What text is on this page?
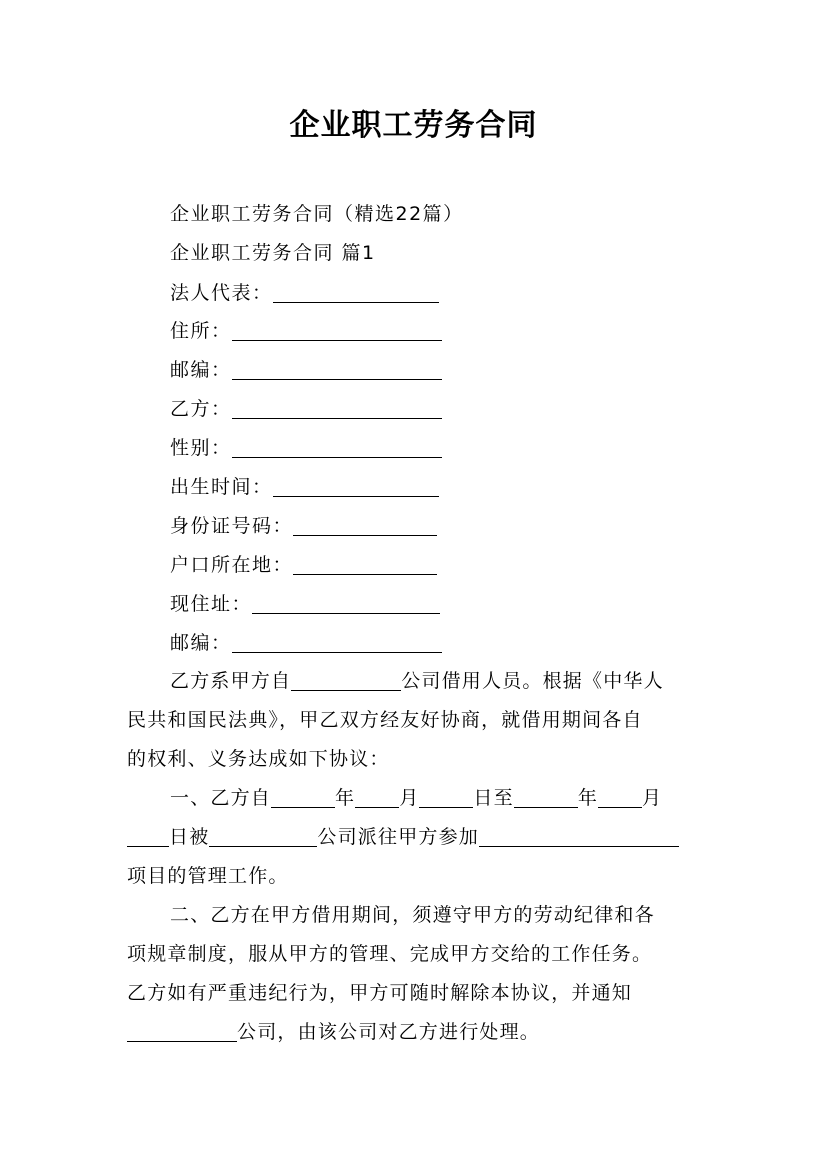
企业职工劳务合同
企业职工劳务合同（精选22篇）
企业职工劳务合同 篇1
法人代表：
住所：
邮编：
乙方：
性别：
出生时间：
身份证号码：
户口所在地：
现住址：
邮编：
乙方系甲方自	公司借用人员。根据《中华人
民共和国民法典》，甲乙双方经友好协商，就借用期间各自
的权利、义务达成如下协议：
一、乙方自	年 月	日至	年 月
日被	公司派往甲方参加
项目的管理工作。
二、乙方在甲方借用期间，须遵守甲方的劳动纪律和各
项规章制度，服从甲方的管理、完成甲方交给的工作任务。
乙方如有严重违纪行为，甲方可随时解除本协议，并通知
公司，由该公司对乙方进行处理。
